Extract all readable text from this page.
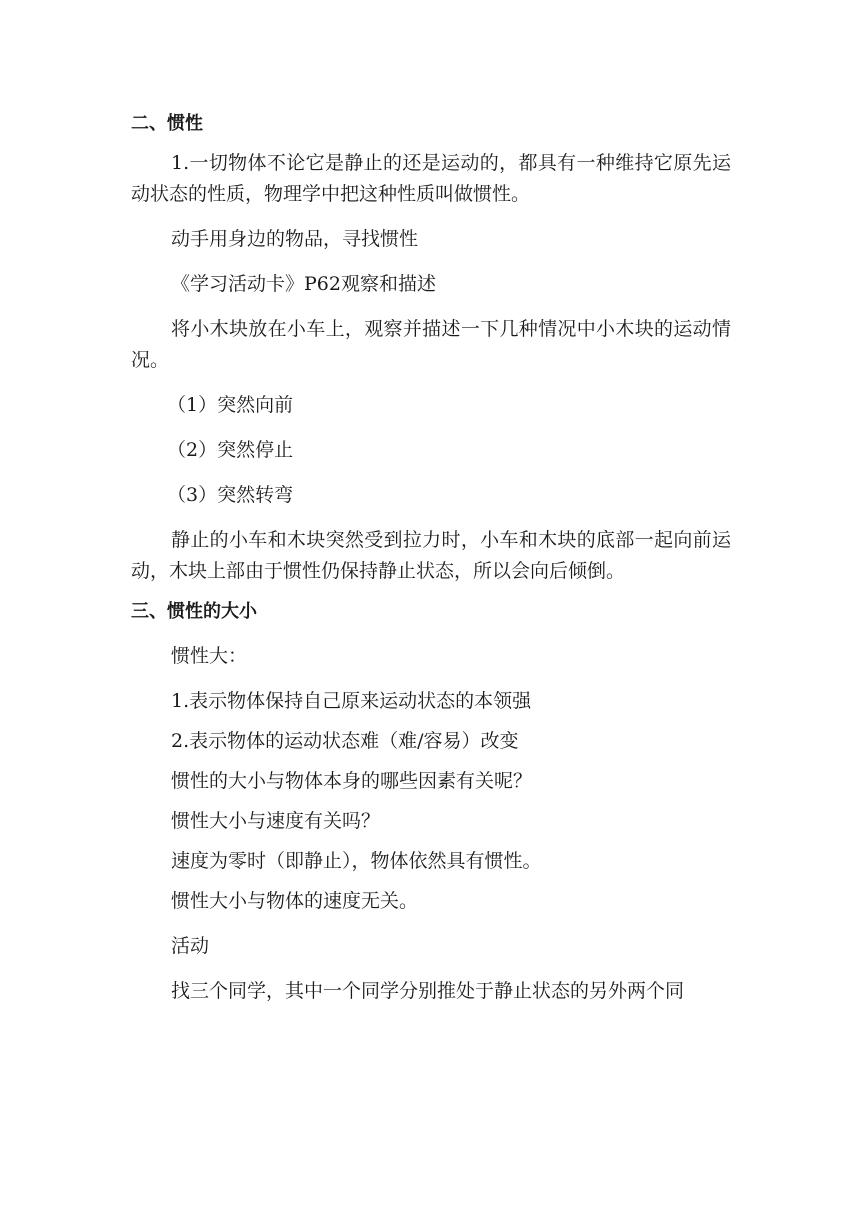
二、惯性
1.一切物体不论它是静止的还是运动的，都具有一种维持它原先运动状态的性质，物理学中把这种性质叫做惯性。
动手用身边的物品，寻找惯性
《学习活动卡》P62观察和描述
将小木块放在小车上，观察并描述一下几种情况中小木块的运动情况。
（1）突然向前
（2）突然停止
（3）突然转弯
静止的小车和木块突然受到拉力时，小车和木块的底部一起向前运动，木块上部由于惯性仍保持静止状态，所以会向后倾倒。
三、惯性的大小
惯性大：
1.表示物体保持自己原来运动状态的本领强
2.表示物体的运动状态难（难/容易）改变
惯性的大小与物体本身的哪些因素有关呢？
惯性大小与速度有关吗？
速度为零时（即静止），物体依然具有惯性。
惯性大小与物体的速度无关。
活动
找三个同学，其中一个同学分别推处于静止状态的另外两个同
